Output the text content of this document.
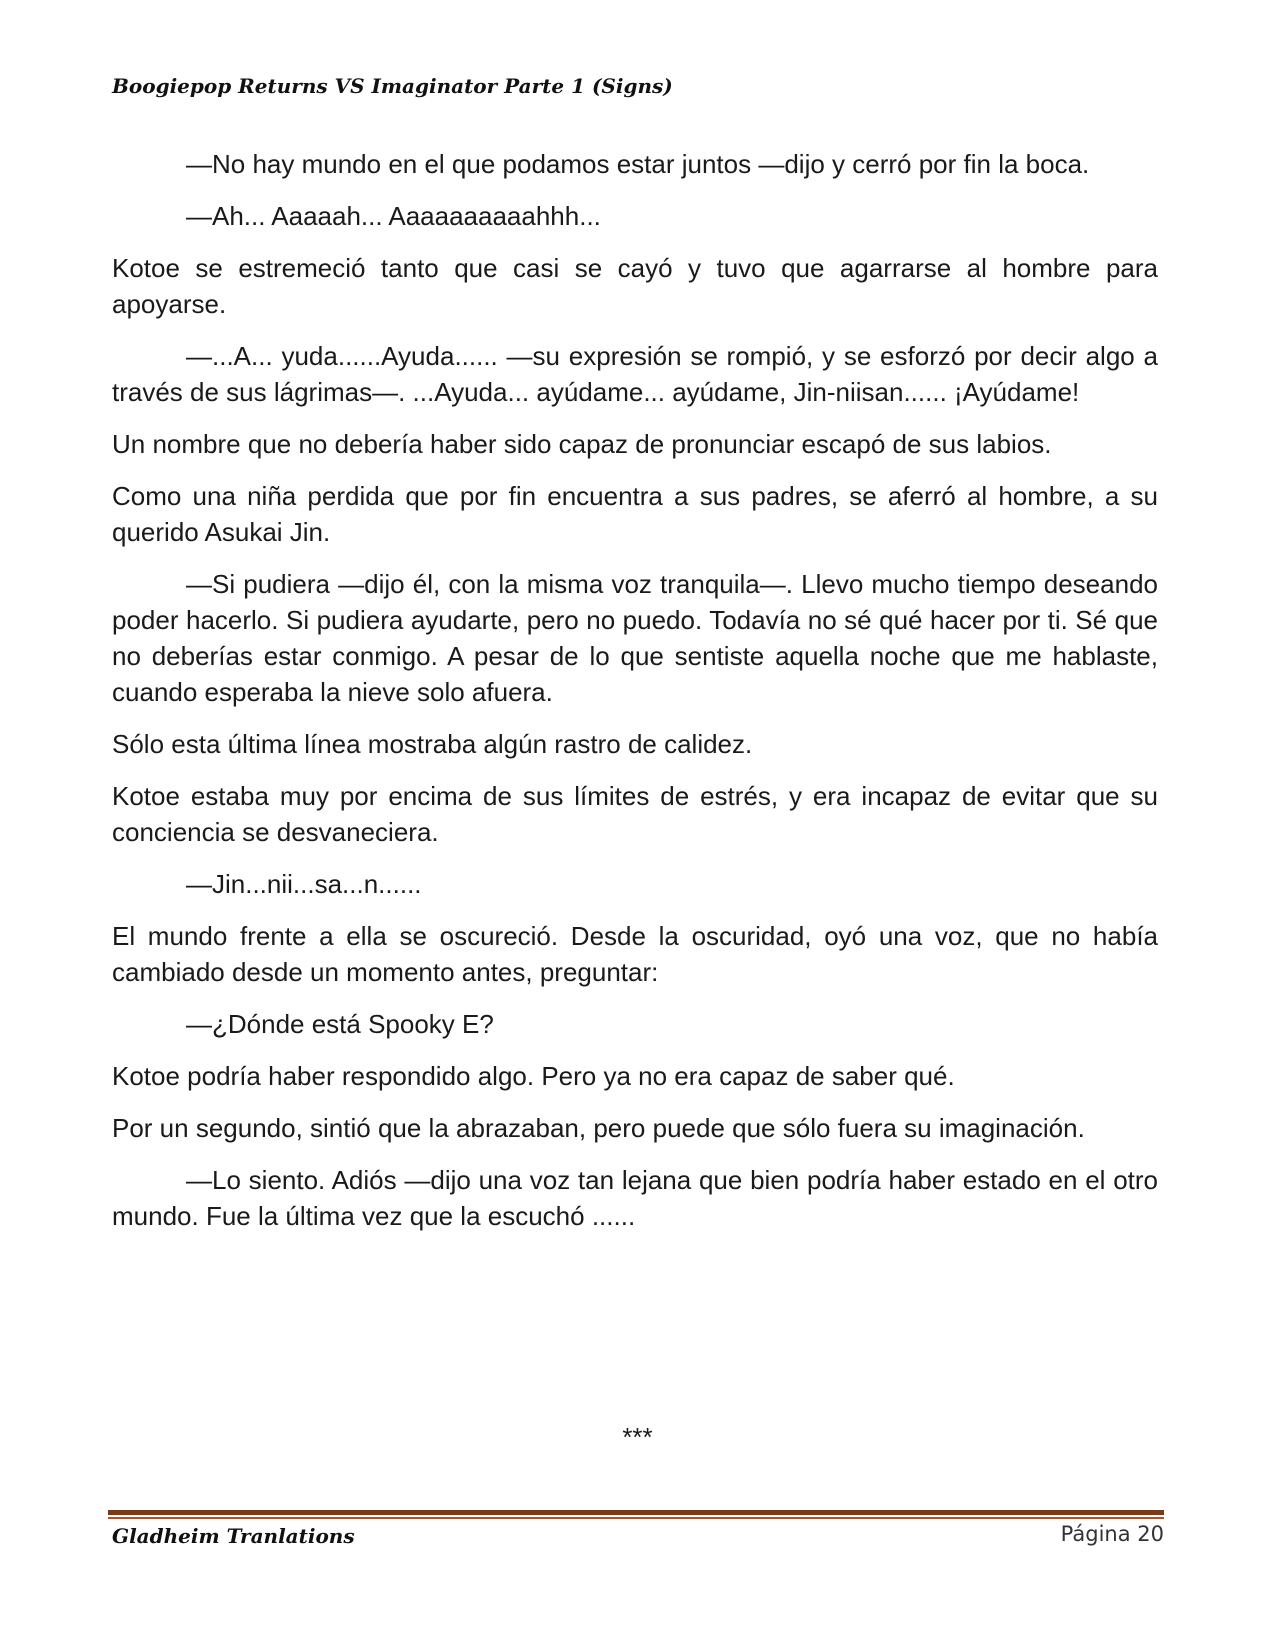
Boogiepop Returns VS Imaginator Parte 1 (Signs)

—No hay mundo en el que podamos estar juntos —dijo y cerró por fin la boca.

—Ah... Aaaaah... Aaaaaaaaaahhh...

Kotoe se estremeció tanto que casi se cayó y tuvo que agarrarse al hombre para apoyarse.

—...A... yuda......Ayuda...... —su expresión se rompió, y se esforzó por decir algo a través de sus lágrimas—. ...Ayuda... ayúdame... ayúdame, Jin-niisan...... ¡Ayúdame!

Un nombre que no debería haber sido capaz de pronunciar escapó de sus labios.

Como una niña perdida que por fin encuentra a sus padres, se aferró al hombre, a su querido Asukai Jin.

—Si pudiera —dijo él, con la misma voz tranquila—. Llevo mucho tiempo deseando poder hacerlo. Si pudiera ayudarte, pero no puedo. Todavía no sé qué hacer por ti. Sé que no deberías estar conmigo. A pesar de lo que sentiste aquella noche que me hablaste, cuando esperaba la nieve solo afuera.

Sólo esta última línea mostraba algún rastro de calidez.

Kotoe estaba muy por encima de sus límites de estrés, y era incapaz de evitar que su conciencia se desvaneciera.

—Jin...nii...sa...n......

El mundo frente a ella se oscureció. Desde la oscuridad, oyó una voz, que no había cambiado desde un momento antes, preguntar:

—¿Dónde está Spooky E?

Kotoe podría haber respondido algo. Pero ya no era capaz de saber qué.

Por un segundo, sintió que la abrazaban, pero puede que sólo fuera su imaginación.

—Lo siento. Adiós —dijo una voz tan lejana que bien podría haber estado en el otro mundo. Fue la última vez que la escuchó ......

***
Gladheim Tranlations	Página 20
